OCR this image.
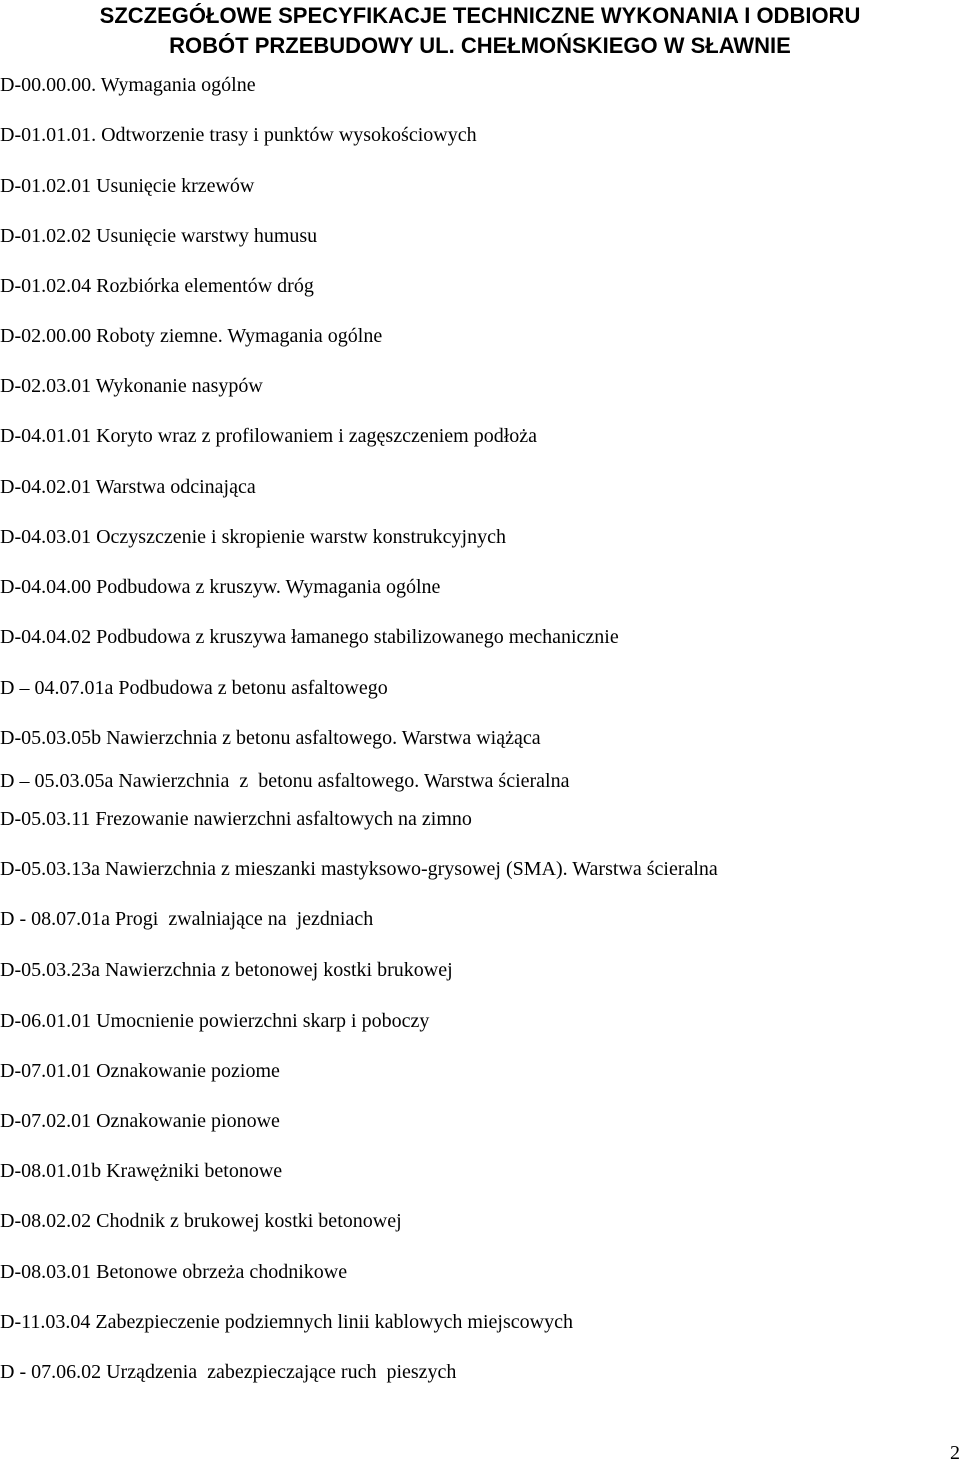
SZCZEGÓŁOWE SPECYFIKACJE TECHNICZNE WYKONANIA I ODBIORU
ROBÓT PRZEBUDOWY UL. CHEŁMOŃSKIEGO W SŁAWNIE

D-00.00.00. Wymagania ogólne

D-01.01.01. Odtworzenie trasy i punktów wysokościowych

D-01.02.01 Usunięcie krzewów

D-01.02.02 Usunięcie warstwy humusu

D-01.02.04 Rozbiórka elementów dróg

D-02.00.00 Roboty ziemne. Wymagania ogólne

D-02.03.01 Wykonanie nasypów

D-04.01.01 Koryto wraz z profilowaniem i zagęszczeniem podłoża

D-04.02.01 Warstwa odcinająca

D-04.03.01 Oczyszczenie i skropienie warstw konstrukcyjnych

D-04.04.00 Podbudowa z kruszyw. Wymagania ogólne

D-04.04.02 Podbudowa z kruszywa łamanego stabilizowanego mechanicznie

D – 04.07.01a Podbudowa z betonu asfaltowego

D-05.03.05b Nawierzchnia z betonu asfaltowego. Warstwa wiążąca

D – 05.03.05a Nawierzchnia  z  betonu asfaltowego. Warstwa ścieralna

D-05.03.11 Frezowanie nawierzchni asfaltowych na zimno

D-05.03.13a Nawierzchnia z mieszanki mastyksowo-grysowej (SMA). Warstwa ścieralna

D - 08.07.01a Progi  zwalniające na  jezdniach

D-05.03.23a Nawierzchnia z betonowej kostki brukowej

D-06.01.01 Umocnienie powierzchni skarp i poboczy

D-07.01.01 Oznakowanie poziome

D-07.02.01 Oznakowanie pionowe

D-08.01.01b Krawężniki betonowe

D-08.02.02 Chodnik z brukowej kostki betonowej

D-08.03.01 Betonowe obrzeża chodnikowe

D-11.03.04 Zabezpieczenie podziemnych linii kablowych miejscowych

D - 07.06.02 Urządzenia  zabezpieczające ruch  pieszych

2
